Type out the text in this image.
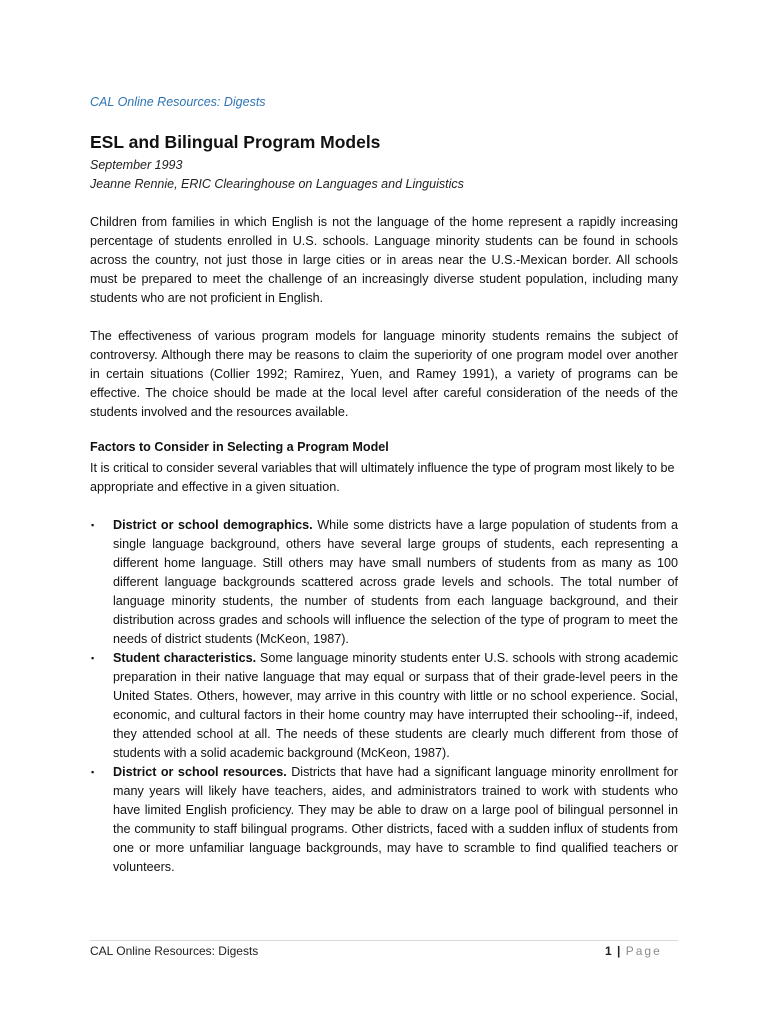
CAL Online Resources: Digests
ESL and Bilingual Program Models
September 1993
Jeanne Rennie, ERIC Clearinghouse on Languages and Linguistics

Children from families in which English is not the language of the home represent a rapidly increasing percentage of students enrolled in U.S. schools. Language minority students can be found in schools across the country, not just those in large cities or in areas near the U.S.-Mexican border. All schools must be prepared to meet the challenge of an increasingly diverse student population, including many students who are not proficient in English.

The effectiveness of various program models for language minority students remains the subject of controversy. Although there may be reasons to claim the superiority of one program model over another in certain situations (Collier 1992; Ramirez, Yuen, and Ramey 1991), a variety of programs can be effective. The choice should be made at the local level after careful consideration of the needs of the students involved and the resources available.

Factors to Consider in Selecting a Program Model

It is critical to consider several variables that will ultimately influence the type of program most likely to be appropriate and effective in a given situation.

▪ District or school demographics. While some districts have a large population of students from a single language background, others have several large groups of students, each representing a different home language. Still others may have small numbers of students from as many as 100 different language backgrounds scattered across grade levels and schools. The total number of language minority students, the number of students from each language background, and their distribution across grades and schools will influence the selection of the type of program to meet the needs of district students (McKeon, 1987).
▪ Student characteristics. Some language minority students enter U.S. schools with strong academic preparation in their native language that may equal or surpass that of their grade-level peers in the United States. Others, however, may arrive in this country with little or no school experience. Social, economic, and cultural factors in their home country may have interrupted their schooling--if, indeed, they attended school at all. The needs of these students are clearly much different from those of students with a solid academic background (McKeon, 1987).
▪ District or school resources. Districts that have had a significant language minority enrollment for many years will likely have teachers, aides, and administrators trained to work with students who have limited English proficiency. They may be able to draw on a large pool of bilingual personnel in the community to staff bilingual programs. Other districts, faced with a sudden influx of students from one or more unfamiliar language backgrounds, may have to scramble to find qualified teachers or volunteers.
CAL Online Resources: Digests	1 | Page
